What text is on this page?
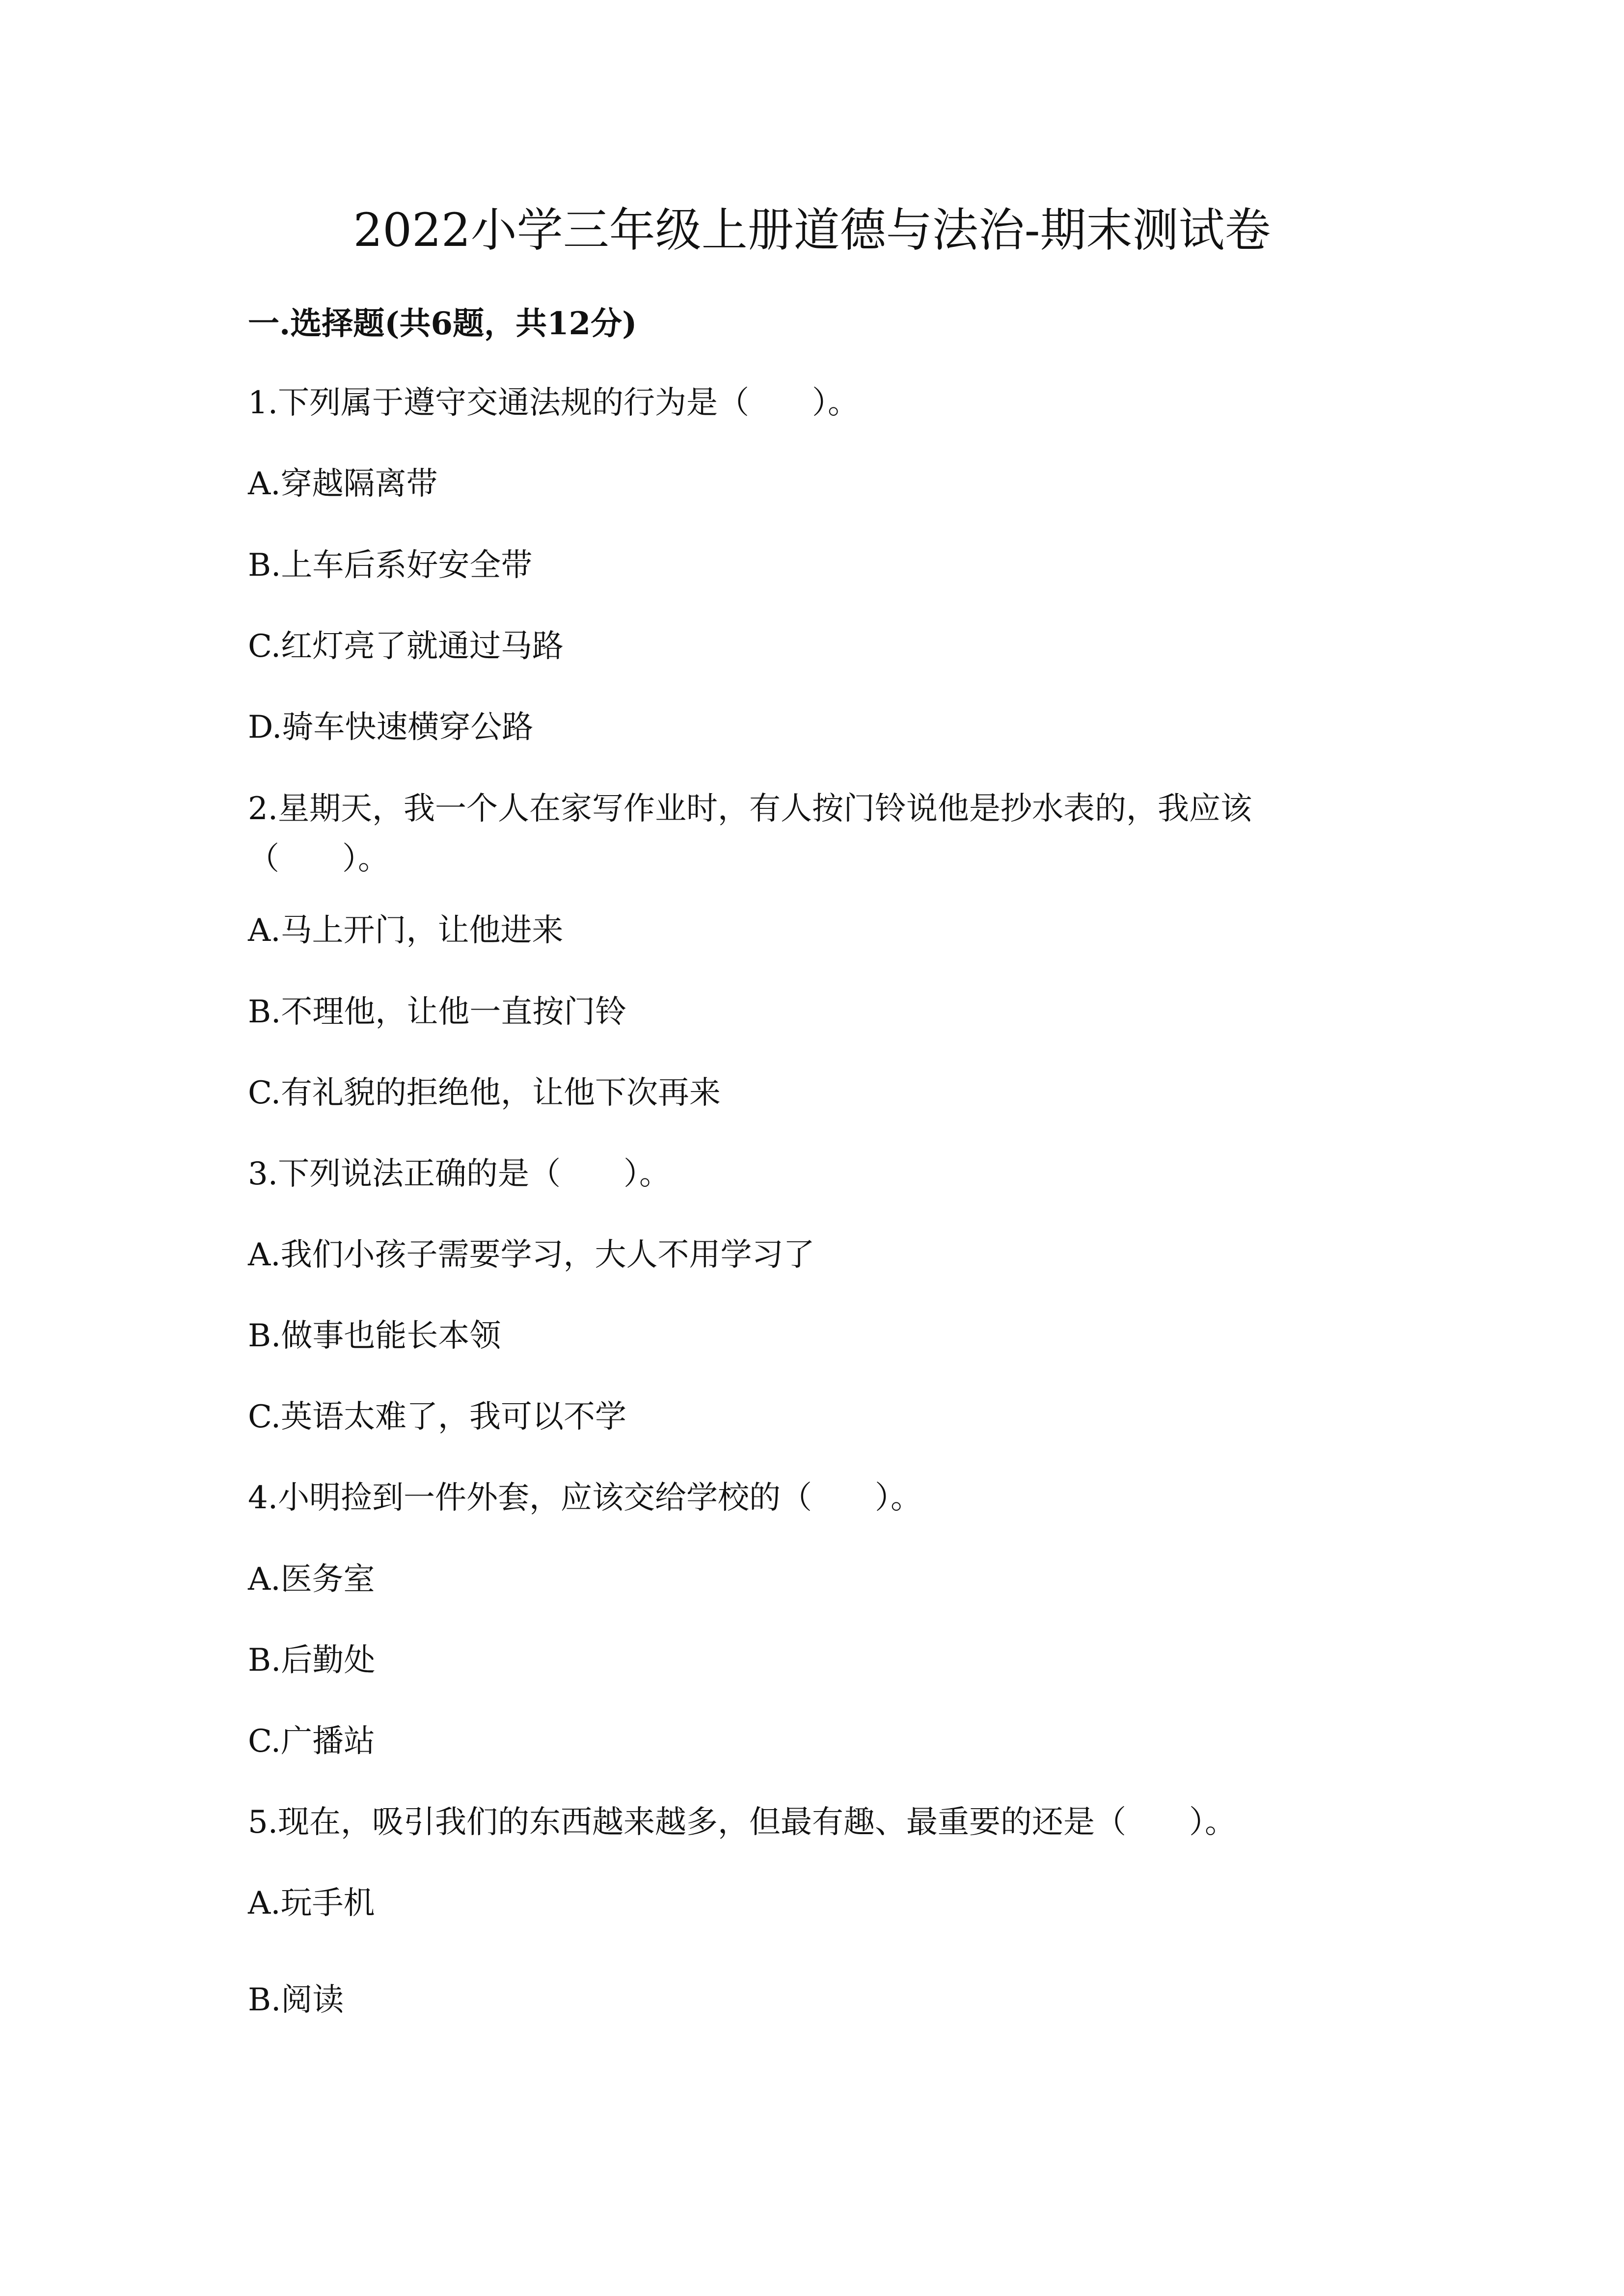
2022小学三年级上册道德与法治-期末测试卷
一.选择题(共6题，共12分)
1.下列属于遵守交通法规的行为是（　　）。
A.穿越隔离带
B.上车后系好安全带
C.红灯亮了就通过马路
D.骑车快速横穿公路
2.星期天，我一个人在家写作业时，有人按门铃说他是抄水表的，我应该（　　）。
A.马上开门，让他进来
B.不理他，让他一直按门铃
C.有礼貌的拒绝他，让他下次再来
3.下列说法正确的是（　　）。
A.我们小孩子需要学习，大人不用学习了
B.做事也能长本领
C.英语太难了，我可以不学
4.小明捡到一件外套，应该交给学校的（　　）。
A.医务室
B.后勤处
C.广播站
5.现在，吸引我们的东西越来越多，但最有趣、最重要的还是（　　）。
A.玩手机
B.阅读
